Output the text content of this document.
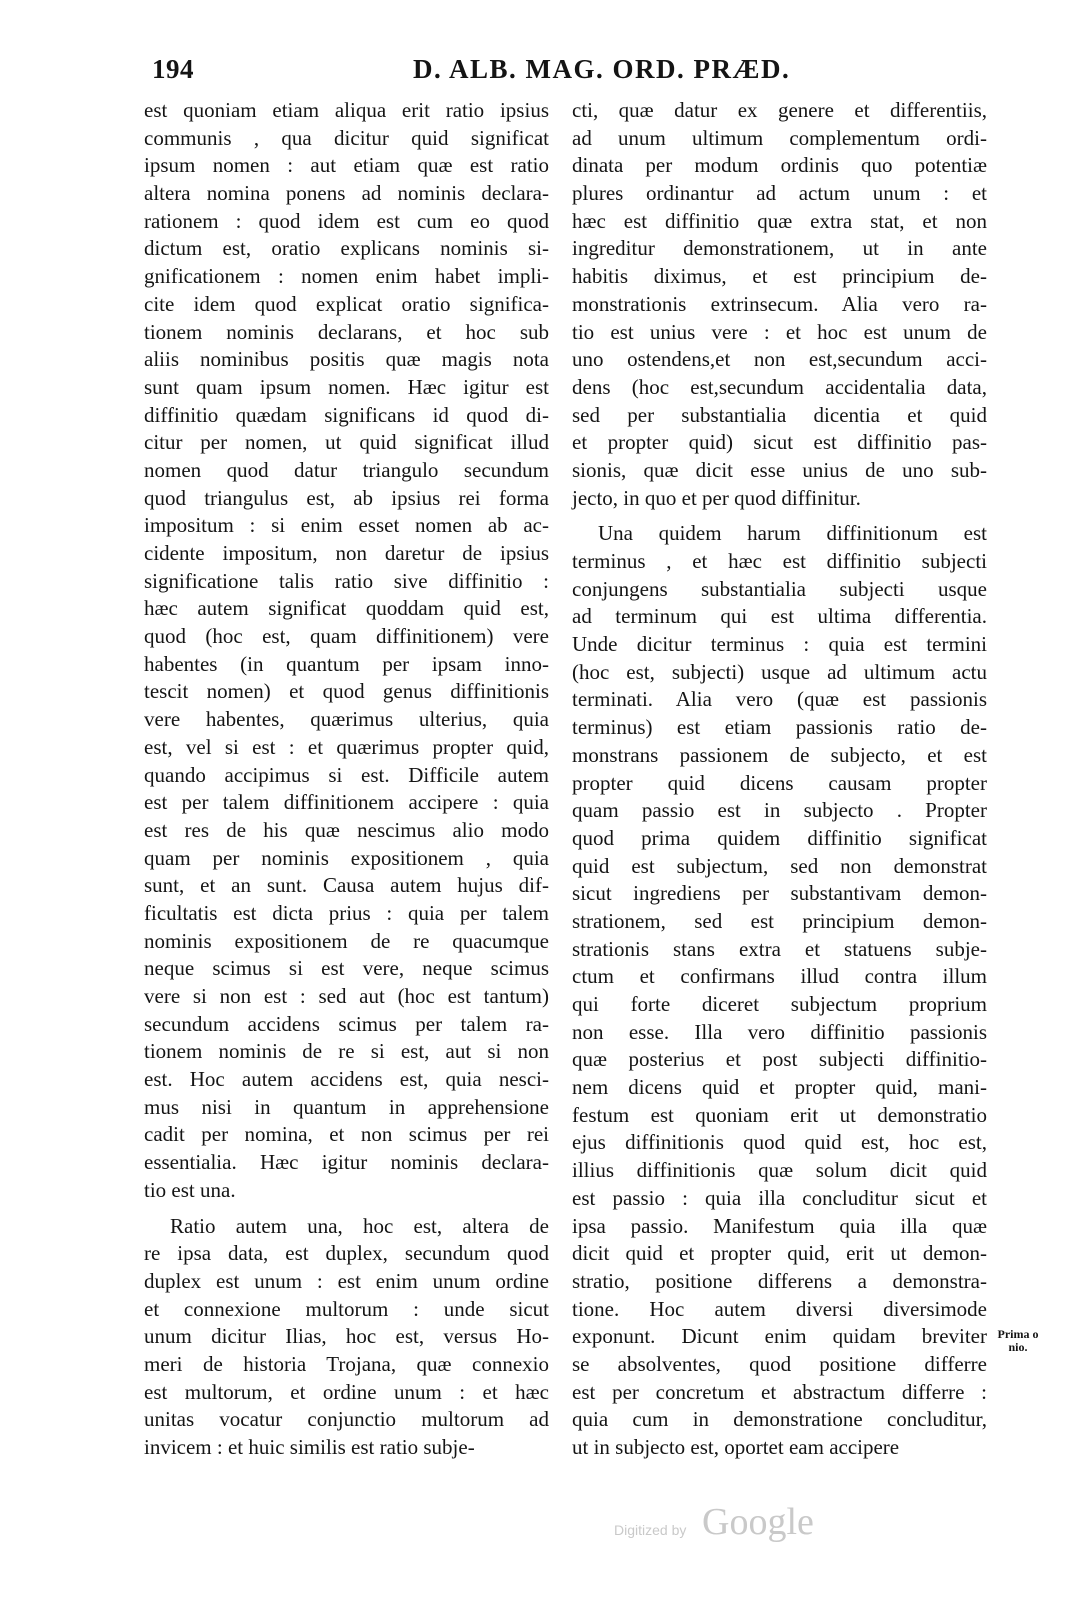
194	D. ALB. MAG. ORD. PRÆD.
est quoniam etiam aliqua erit ratio ipsius
communis , qua dicitur quid significat
ipsum nomen : aut etiam quæ est ratio
altera nomina ponens ad nominis declara-
rationem : quod idem est cum eo quod
dictum est, oratio explicans nominis si-
gnificationem : nomen enim habet impli-
cite idem quod explicat oratio significa-
tionem nominis declarans, et hoc sub
aliis nominibus positis quæ magis nota
sunt quam ipsum nomen. Hæc igitur est
diffinitio quædam significans id quod di-
citur per nomen, ut quid significat illud
nomen quod datur triangulo secundum
quod triangulus est, ab ipsius rei forma
impositum : si enim esset nomen ab ac-
cidente impositum, non daretur de ipsius
significatione talis ratio sive diffinitio :
hæc autem significat quoddam quid est,
quod (hoc est, quam diffinitionem) vere
habentes (in quantum per ipsam inno-
tescit nomen) et quod genus diffinitionis
vere habentes, quærimus ulterius, quia
est, vel si est : et quærimus propter quid,
quando accipimus si est. Difficile autem
est per talem diffinitionem accipere : quia
est res de his quæ nescimus alio modo
quam per nominis expositionem , quia
sunt, et an sunt. Causa autem hujus dif-
ficultatis est dicta prius : quia per talem
nominis expositionem de re quacumque
neque scimus si est vere, neque scimus
vere si non est : sed aut (hoc est tantum)
secundum accidens scimus per talem ra-
tionem nominis de re si est, aut si non
est. Hoc autem accidens est, quia nesci-
mus nisi in quantum in apprehensione
cadit per nomina, et non scimus per rei
essentialia. Hæc igitur nominis declara-
tio est una.
Ratio autem una, hoc est, altera de
re ipsa data, est duplex, secundum quod
duplex est unum : est enim unum ordine
et connexione multorum : unde sicut
unum dicitur Ilias, hoc est, versus Ho-
meri de historia Trojana, quæ connexio
est multorum, et ordine unum : et hæc
unitas vocatur conjunctio multorum ad
invicem : et huic similis est ratio subje-
cti, quæ datur ex genere et differentiis,
ad unum ultimum complementum ordi-
dinata per modum ordinis quo potentiæ
plures ordinantur ad actum unum : et
hæc est diffinitio quæ extra stat, et non
ingreditur demonstrationem, ut in ante
habitis diximus, et est principium de-
monstrationis extrinsecum. Alia vero ra-
tio est unius vere : et hoc est unum de
uno ostendens,et non est,secundum acci-
dens (hoc est,secundum accidentalia data,
sed per substantialia dicentia et quid
et propter quid) sicut est diffinitio pas-
sionis, quæ dicit esse unius de uno sub-
jecto, in quo et per quod diffinitur.
Una quidem harum diffinitionum est
terminus , et hæc est diffinitio subjecti
conjungens substantialia subjecti usque
ad terminum qui est ultima differentia.
Unde dicitur terminus : quia est termini
(hoc est, subjecti) usque ad ultimum actu
terminati. Alia vero (quæ est passionis
terminus) est etiam passionis ratio de-
monstrans passionem de subjecto, et est
propter quid dicens causam propter
quam passio est in subjecto . Propter
quod prima quidem diffinitio significat
quid est subjectum, sed non demonstrat
sicut ingrediens per substantivam demon-
strationem, sed est principium demon-
strationis stans extra et statuens subje-
ctum et confirmans illud contra illum
qui forte diceret subjectum proprium
non esse. Illa vero diffinitio passionis
quæ posterius et post subjecti diffinitio-
nem dicens quid et propter quid, mani-
festum est quoniam erit ut demonstratio
ejus diffinitionis quod quid est, hoc est,
illius diffinitionis quæ solum dicit quid
est passio : quia illa concluditur sicut et
ipsa passio. Manifestum quia illa quæ
dicit quid et propter quid, erit ut demon-
stratio, positione differens a demonstra-
tione. Hoc autem diversi diversimode
exponunt. Dicunt enim quidam breviter
se absolventes, quod positione differre
est per concretum et abstractum differre :
quia cum in demonstratione concluditur,
ut in subjecto est, oportet eam accipere
Prima o
nio.
Digitized by Google
